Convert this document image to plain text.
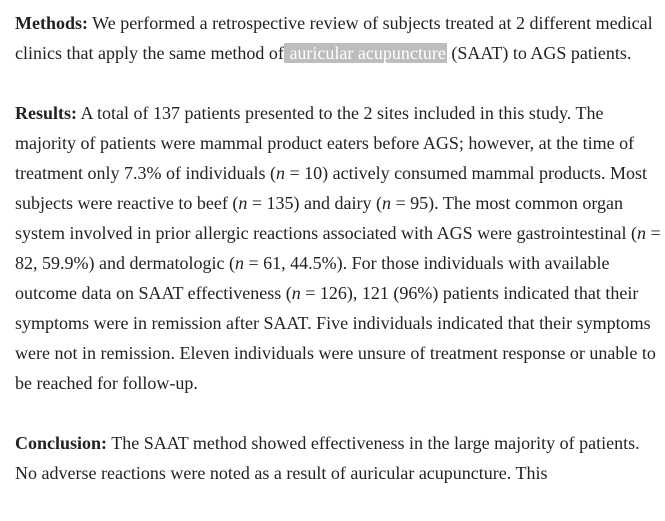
Methods: We performed a retrospective review of subjects treated at 2 different medical clinics that apply the same method of auricular acupuncture (SAAT) to AGS patients.

Results: A total of 137 patients presented to the 2 sites included in this study. The majority of patients were mammal product eaters before AGS; however, at the time of treatment only 7.3% of individuals (n = 10) actively consumed mammal products. Most subjects were reactive to beef (n = 135) and dairy (n = 95). The most common organ system involved in prior allergic reactions associated with AGS were gastrointestinal (n = 82, 59.9%) and dermatologic (n = 61, 44.5%). For those individuals with available outcome data on SAAT effectiveness (n = 126), 121 (96%) patients indicated that their symptoms were in remission after SAAT. Five individuals indicated that their symptoms were not in remission. Eleven individuals were unsure of treatment response or unable to be reached for follow-up.

Conclusion: The SAAT method showed effectiveness in the large majority of patients. No adverse reactions were noted as a result of auricular acupuncture. This
